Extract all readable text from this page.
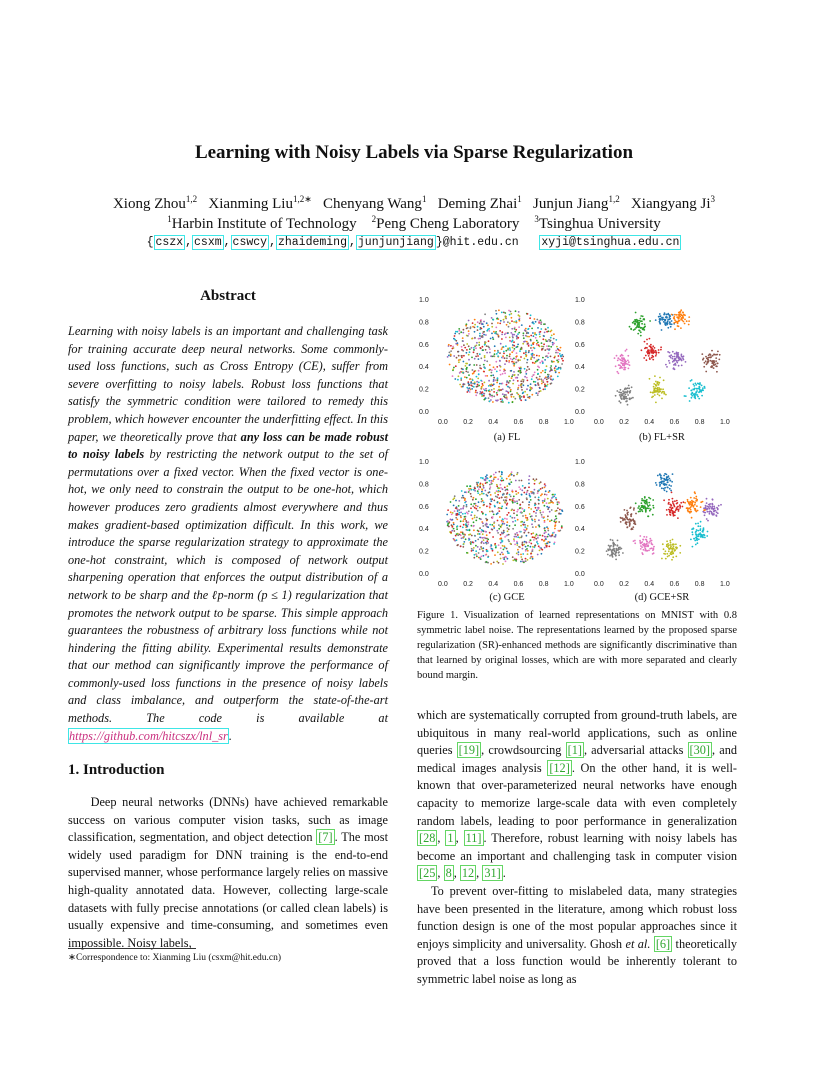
Learning with Noisy Labels via Sparse Regularization
Xiong Zhou$^{1,2}$ Xianming Liu$^{1,2∗}$ Chenyang Wang$^1$ Deming Zhai$^1$ Junjun Jiang$^{1,2}$ Xiangyang Ji$^3$
$^1$Harbin Institute of Technology $^2$Peng Cheng Laboratory $^3$Tsinghua University
{ cszx , csxm , cswcy , zhaideming , junjunjiang }@hit.edu.cn xyji@tsinghua.edu.cn
Abstract
Learning with noisy labels is an important and challenging task for training accurate deep neural networks. Some commonly-used loss functions, such as Cross Entropy (CE), suffer from severe overfitting to noisy labels. Robust loss functions that satisfy the symmetric condition were tailored to remedy this problem, which however encounter the underfitting effect. In this paper, we theoretically prove that any loss can be made robust to noisy labels by restricting the network output to the set of permutations over a fixed vector. When the fixed vector is one-hot, we only need to constrain the output to be one-hot, which however produces zero gradients almost everywhere and thus makes gradient-based optimization difficult. In this work, we introduce the sparse regularization strategy to approximate the one-hot constraint, which is composed of network output sharpening operation that enforces the output distribution of a network to be sharp and the ℓp-norm (p ≤ 1) regularization that promotes the network output to be sparse. This simple approach guarantees the robustness of arbitrary loss functions while not hindering the fitting ability. Experimental results demonstrate that our method can significantly improve the performance of commonly-used loss functions in the presence of noisy labels and class imbalance, and outperform the state-of-the-art methods. The code is available at https://github.com/hitcszx/lnl_sr.
1. Introduction
Deep neural networks (DNNs) have achieved remarkable success on various computer vision tasks, such as image classification, segmentation, and object detection [7] . The most widely used paradigm for DNN training is the end-to-end supervised manner, whose performance largely relies on massive high-quality annotated data. However, collecting large-scale datasets with fully precise annotations (or called clean labels) is usually expensive and time-consuming, and sometimes even impossible. Noisy labels,
∗Correspondence to: Xianming Liu (csxm@hit.edu.cn)
0.0
0.0
0.2
0.2
0.4
0.4
0.6
0.6
0.8
0.8
1.0
1.0
0.0
0.0
0.2
0.2
0.4
0.4
0.6
0.6
0.8
0.8
1.0
1.0
0.0
0.0
0.2
0.2
0.4
0.4
0.6
0.6
0.8
0.8
1.0
1.0
0.0
0.0
0.2
0.2
0.4
0.4
0.6
0.6
0.8
0.8
1.0
1.0
(a) FL	(b) FL+SR
(c) GCE	(d) GCE+SR
Figure 1. Visualization of learned representations on MNIST with 0.8 symmetric label noise. The representations learned by the proposed sparse regularization (SR)-enhanced methods are significantly discriminative than that learned by original losses, which are with more separated and clearly bound margin.

which are systematically corrupted from ground-truth labels, are ubiquitous in many real-world applications, such as online queries [19] , crowdsourcing [1] , adversarial attacks [30] , and medical images analysis [12] . On the other hand, it is well-known that over-parameterized neural networks have enough capacity to memorize large-scale data with even completely random labels, leading to poor performance in generalization [28 , 1 , 11] . Therefore, robust learning with noisy labels has become an important and challenging task in computer vision [25 , 8 , 12 , 31] .

To prevent over-fitting to mislabeled data, many strategies have been presented in the literature, among which robust loss function design is one of the most popular approaches since it enjoys simplicity and universality. Ghosh et al. [6] theoretically proved that a loss function would be inherently tolerant to symmetric label noise as long as
